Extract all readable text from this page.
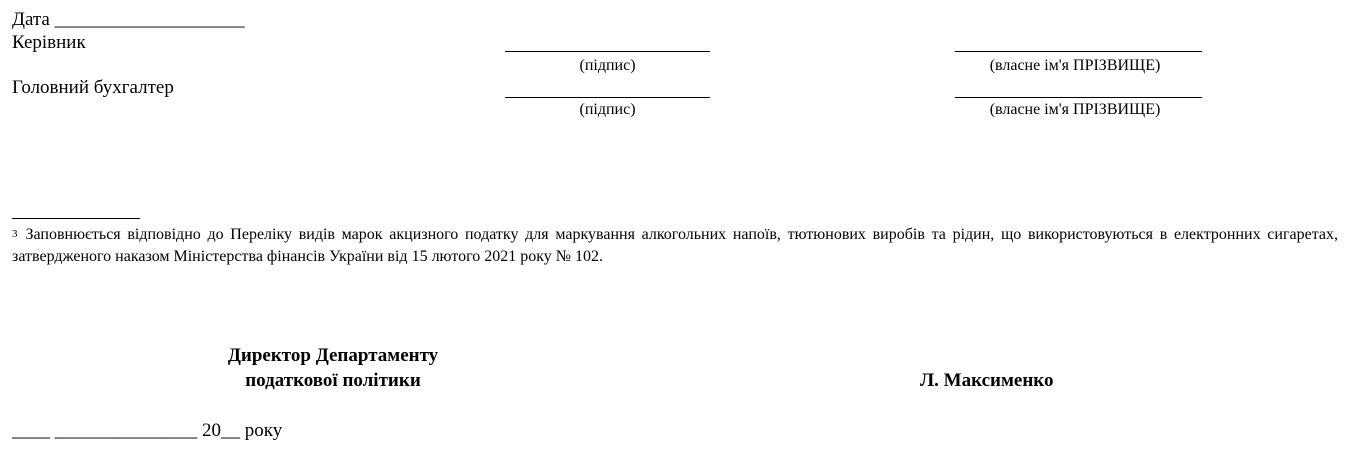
Дата ____________________
Керівник
(підпис)	(власне ім'я ПРІЗВИЩЕ)
Головний бухгалтер
(підпис)	(власне ім'я ПРІЗВИЩЕ)
$^3$ Заповнюється відповідно до Переліку видів марок акцизного податку для маркування алкогольних напоїв, тютюнових виробів та рідин, що використовуються в електронних сигаретах, затвердженого наказом Міністерства фінансів України від 15 лютого 2021 року № 102.
Директор Департаменту
податкової політики	Л. Максименко
____ _______________ 20__ року
